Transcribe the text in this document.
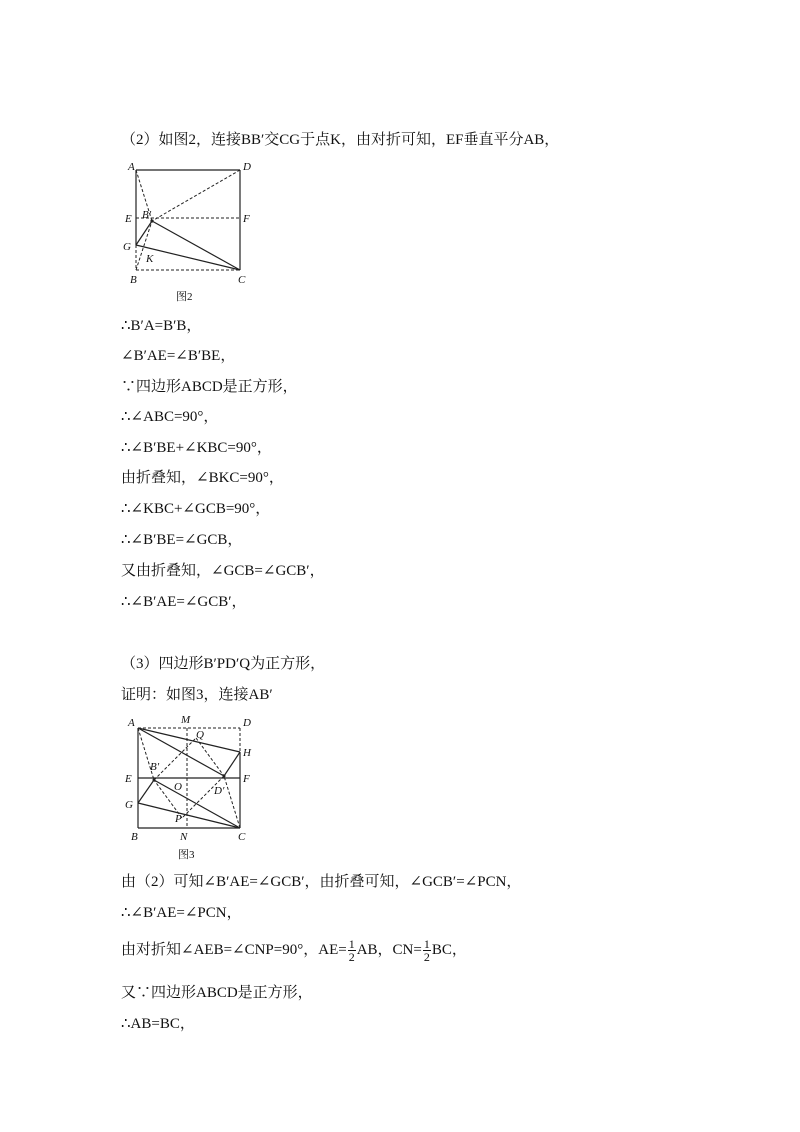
（2）如图2，连接BB′交CG于点K，由对折可知，EF垂直平分AB，
A	D
E	F
B′
G
K
B	C
图2
∴B′A=B′B，
∠B′AE=∠B′BE，
∵四边形ABCD是正方形，
∴∠ABC=90°，
∴∠B′BE+∠KBC=90°，
由折叠知，∠BKC=90°，
∴∠KBC+∠GCB=90°，
∴∠B′BE=∠GCB，
又由折叠知，∠GCB=∠GCB′，
∴∠B′AE=∠GCB′，
（3）四边形B′PD′Q为正方形，
证明：如图3，连接AB′
A	M	D
Q
H
E	F
B′
O	D′
G
P
B	N	C
图3
由（2）可知∠B′AE=∠GCB′，由折叠可知，∠GCB′=∠PCN，
∴∠B′AE=∠PCN，
由对折知∠AEB=∠CNP=90°，$AE= \frac{1}{2}$ AB，$CN= \frac{1}{2}$ BC，
又∵四边形ABCD是正方形，
∴AB=BC，
